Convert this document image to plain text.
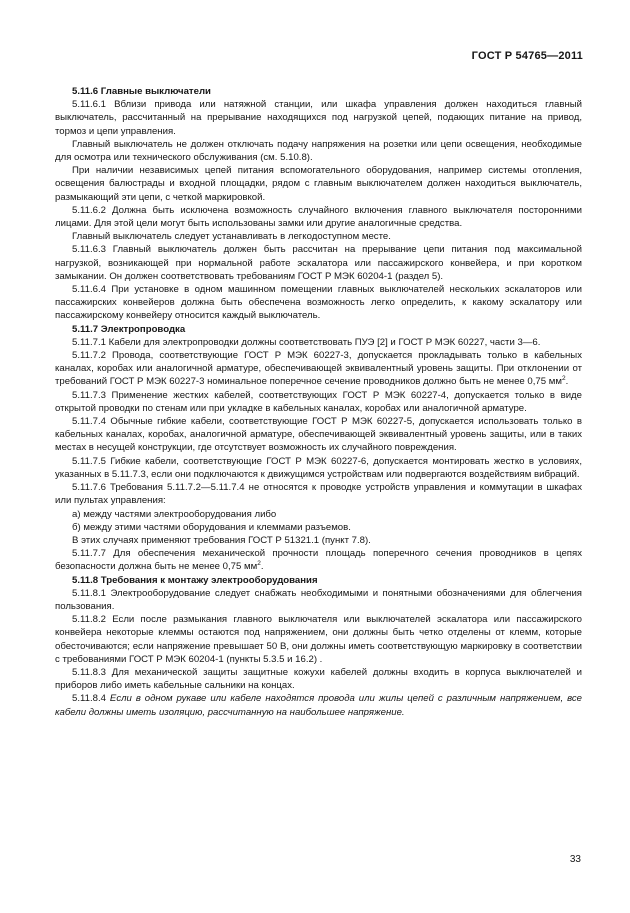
ГОСТ Р 54765—2011

5.11.6 Главные выключатели

5.11.6.1 Вблизи привода или натяжной станции, или шкафа управления должен находиться главный выключатель, рассчитанный на прерывание находящихся под нагрузкой цепей, подающих питание на привод, тормоз и цепи управления.

Главный выключатель не должен отключать подачу напряжения на розетки или цепи освещения, необходимые для осмотра или технического обслуживания (см. 5.10.8).

При наличии независимых цепей питания вспомогательного оборудования, например системы отопления, освещения балюстрады и входной площадки, рядом с главным выключателем должен находиться выключатель, размыкающий эти цепи, с четкой маркировкой.

5.11.6.2 Должна быть исключена возможность случайного включения главного выключателя посторонними лицами. Для этой цели могут быть использованы замки или другие аналогичные средства.

Главный выключатель следует устанавливать в легкодоступном месте.

5.11.6.3 Главный выключатель должен быть рассчитан на прерывание цепи питания под максимальной нагрузкой, возникающей при нормальной работе эскалатора или пассажирского конвейера, и при коротком замыкании. Он должен соответствовать требованиям ГОСТ Р МЭК 60204-1 (раздел 5).

5.11.6.4 При установке в одном машинном помещении главных выключателей нескольких эскалаторов или пассажирских конвейеров должна быть обеспечена возможность легко определить, к какому эскалатору или пассажирскому конвейеру относится каждый выключатель.

5.11.7 Электропроводка

5.11.7.1 Кабели для электропроводки должны соответствовать ПУЭ [2] и ГОСТ Р МЭК 60227, части 3—6.

5.11.7.2 Провода, соответствующие ГОСТ Р МЭК 60227-3, допускается прокладывать только в кабельных каналах, коробах или аналогичной арматуре, обеспечивающей эквивалентный уровень защиты. При отклонении от требований ГОСТ Р МЭК 60227-3 номинальное поперечное сечение проводников должно быть не менее 0,75 $мм^2$.

5.11.7.3 Применение жестких кабелей, соответствующих ГОСТ Р МЭК 60227-4, допускается только в виде открытой проводки по стенам или при укладке в кабельных каналах, коробах или аналогичной арматуре.

5.11.7.4 Обычные гибкие кабели, соответствующие ГОСТ Р МЭК 60227-5, допускается использовать только в кабельных каналах, коробах, аналогичной арматуре, обеспечивающей эквивалентный уровень защиты, или в таких местах в несущей конструкции, где отсутствует возможность их случайного повреждения.

5.11.7.5 Гибкие кабели, соответствующие ГОСТ Р МЭК 60227-6, допускается монтировать жестко в условиях, указанных в 5.11.7.3, если они подключаются к движущимся устройствам или подвергаются воздействиям вибраций.

5.11.7.6 Требования 5.11.7.2—5.11.7.4 не относятся к проводке устройств управления и коммутации в шкафах или пультах управления:

а) между частями электрооборудования либо

б) между этими частями оборудования и клеммами разъемов.

В этих случаях применяют требования ГОСТ Р 51321.1 (пункт 7.8).

5.11.7.7 Для обеспечения механической прочности площадь поперечного сечения проводников в цепях безопасности должна быть не менее 0,75 $мм^2$.

5.11.8 Требования к монтажу электрооборудования

5.11.8.1 Электрооборудование следует снабжать необходимыми и понятными обозначениями для облегчения пользования.

5.11.8.2 Если после размыкания главного выключателя или выключателей эскалатора или пассажирского конвейера некоторые клеммы остаются под напряжением, они должны быть четко отделены от клемм, которые обесточиваются; если напряжение превышает 50 В, они должны иметь соответствующую маркировку в соответствии с требованиями ГОСТ Р МЭК 60204-1 (пункты 5.3.5 и 16.2) .

5.11.8.3 Для механической защиты защитные кожухи кабелей должны входить в корпуса выключателей и приборов либо иметь кабельные сальники на концах.

5.11.8.4 Если в одном рукаве или кабеле находятся провода или жилы цепей с различным напряжением, все кабели должны иметь изоляцию, рассчитанную на наибольшее напряжение.

33
